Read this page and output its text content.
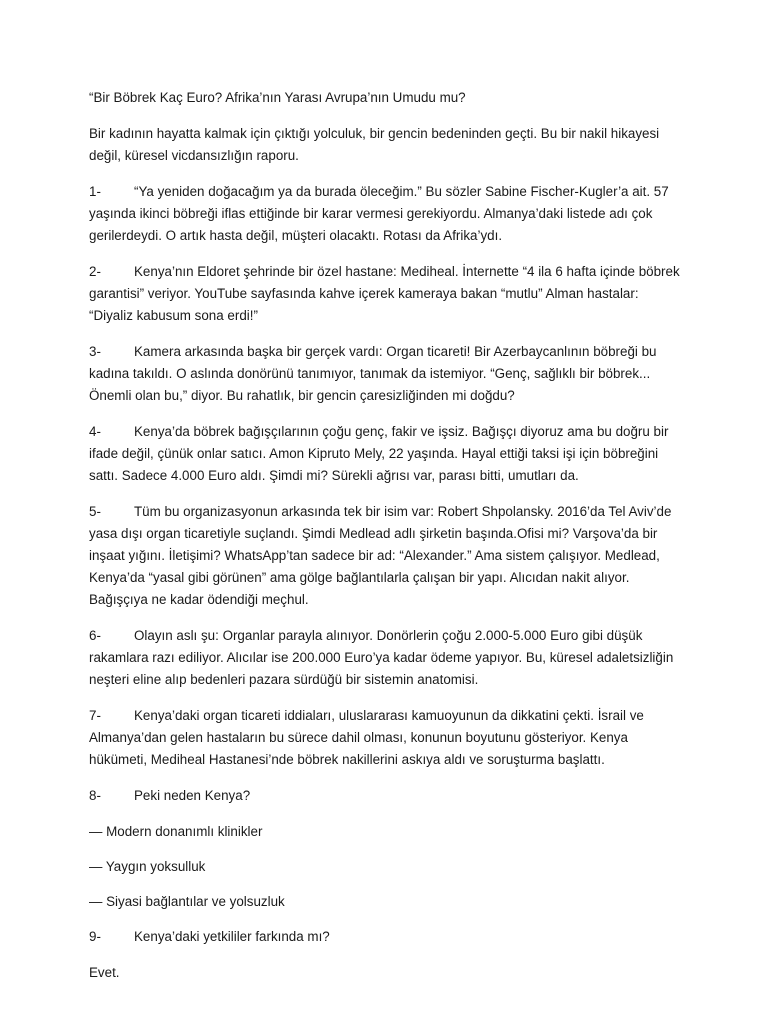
“Bir Böbrek Kaç Euro? Afrika’nın Yarası Avrupa’nın Umudu mu?

Bir kadının hayatta kalmak için çıktığı yolculuk, bir gencin bedeninden geçti. Bu bir nakil hikayesi değil, küresel vicdansızlığın raporu.

1- “Ya yeniden doğacağım ya da burada öleceğim.” Bu sözler Sabine Fischer-Kugler’a ait. 57 yaşında ikinci böbreği iflas ettiğinde bir karar vermesi gerekiyordu. Almanya’daki listede adı çok gerilerdeydi. O artık hasta değil, müşteri olacaktı. Rotası da Afrika’ydı.

2- Kenya’nın Eldoret şehrinde bir özel hastane: Mediheal. İnternette “4 ila 6 hafta içinde böbrek garantisi” veriyor. YouTube sayfasında kahve içerek kameraya bakan “mutlu” Alman hastalar: “Diyaliz kabusum sona erdi!”

3- Kamera arkasında başka bir gerçek vardı: Organ ticareti! Bir Azerbaycanlının böbreği bu kadına takıldı. O aslında donörünü tanımıyor, tanımak da istemiyor. “Genç, sağlıklı bir böbrek... Önemli olan bu,” diyor. Bu rahatlık, bir gencin çaresizliğinden mi doğdu?

4- Kenya’da böbrek bağışçılarının çoğu genç, fakir ve işsiz. Bağışçı diyoruz ama bu doğru bir ifade değil, çünük onlar satıcı. Amon Kipruto Mely, 22 yaşında. Hayal ettiği taksi işi için böbreğini sattı. Sadece 4.000 Euro aldı. Şimdi mi? Sürekli ağrısı var, parası bitti, umutları da.

5- Tüm bu organizasyonun arkasında tek bir isim var: Robert Shpolansky. 2016’da Tel Aviv’de yasa dışı organ ticaretiyle suçlandı. Şimdi Medlead adlı şirketin başında.Ofisi mi? Varşova’da bir inşaat yığını. İletişimi? WhatsApp’tan sadece bir ad: “Alexander.” Ama sistem çalışıyor. Medlead, Kenya’da “yasal gibi görünen” ama gölge bağlantılarla çalışan bir yapı. Alıcıdan nakit alıyor. Bağışçıya ne kadar ödendiği meçhul.

6- Olayın aslı şu: Organlar parayla alınıyor. Donörlerin çoğu 2.000-5.000 Euro gibi düşük rakamlara razı ediliyor. Alıcılar ise 200.000 Euro’ya kadar ödeme yapıyor. Bu, küresel adaletsizliğin neşteri eline alıp bedenleri pazara sürdüğü bir sistemin anatomisi.

7- Kenya’daki organ ticareti iddiaları, uluslararası kamuoyunun da dikkatini çekti. İsrail ve Almanya’dan gelen hastaların bu sürece dahil olması, konunun boyutunu gösteriyor. Kenya hükümeti, Mediheal Hastanesi’nde böbrek nakillerini askıya aldı ve soruşturma başlattı.

8- Peki neden Kenya?

— Modern donanımlı klinikler

— Yaygın yoksulluk

— Siyasi bağlantılar ve yolsuzluk

9- Kenya’daki yetkililer farkında mı?

Evet.
